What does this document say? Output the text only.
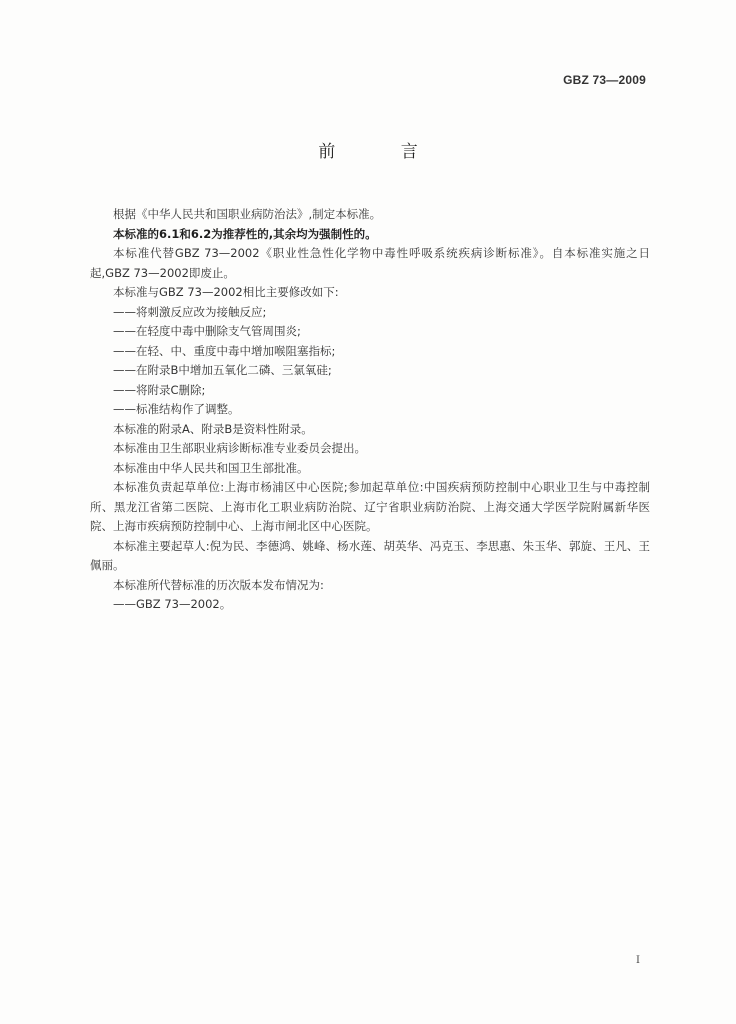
GBZ 73—2009
前 言

根据《中华人民共和国职业病防治法》,制定本标准。

本标准的6.1和6.2为推荐性的,其余均为强制性的。

本标准代替GBZ 73—2002《职业性急性化学物中毒性呼吸系统疾病诊断标准》。自本标准实施之日起,GBZ 73—2002即废止。

本标准与GBZ 73—2002相比主要修改如下:

——将刺激反应改为接触反应;

——在轻度中毒中删除支气管周围炎;

——在轻、中、重度中毒中增加喉阻塞指标;

——在附录B中增加五氧化二磷、三氯氧硅;

——将附录C删除;

——标准结构作了调整。

本标准的附录A、附录B是资料性附录。

本标准由卫生部职业病诊断标准专业委员会提出。

本标准由中华人民共和国卫生部批准。

本标准负责起草单位:上海市杨浦区中心医院;参加起草单位:中国疾病预防控制中心职业卫生与中毒控制所、黑龙江省第二医院、上海市化工职业病防治院、辽宁省职业病防治院、上海交通大学医学院附属新华医院、上海市疾病预防控制中心、上海市闸北区中心医院。

本标准主要起草人:倪为民、李德鸿、姚峰、杨水莲、胡英华、冯克玉、李思惠、朱玉华、郭旋、王凡、王佩丽。

本标准所代替标准的历次版本发布情况为:

——GBZ 73—2002。

I
